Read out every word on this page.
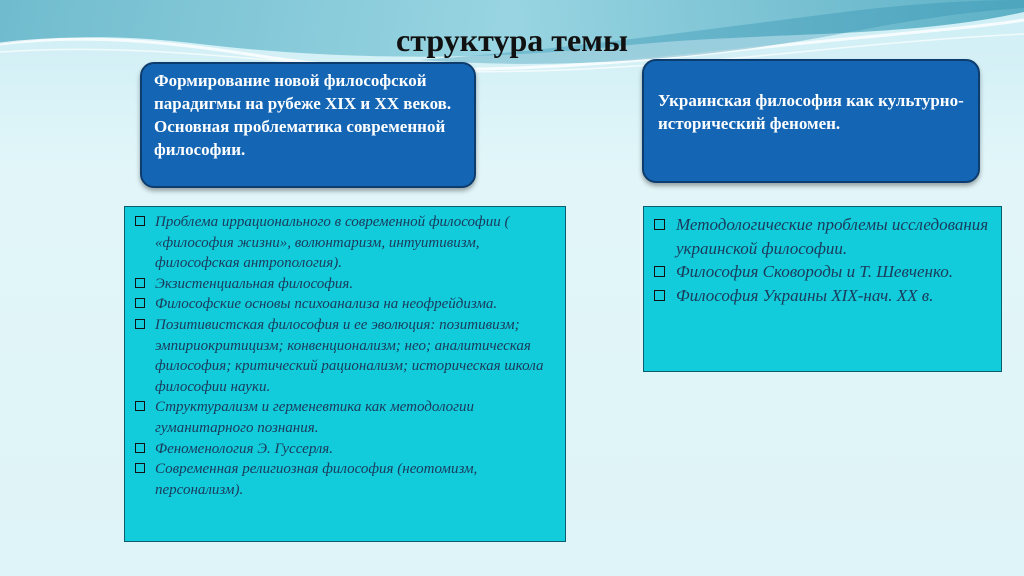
структура темы
Формирование новой философской парадигмы на рубеже XIX и XX веков. Основная проблематика современной философии.
Украинская философия как культурно-исторический феномен.
Проблема иррационального в современной философии ( «философия жизни», волюнтаризм, интуитивизм, философская антропология).
Экзистенциальная философия.
Философские основы психоанализа на неофрейдизма.
Позитивистская философия и ее эволюция: позитивизм; эмпириокритицизм; конвенционализм; нео; аналитическая философия; критический рационализм; историческая школа философии науки.
Структурализм и герменевтика как методологии гуманитарного познания.
Феноменология Э. Гуссерля.
Современная религиозная философия (неотомизм, персонализм).
Методологические проблемы исследования украинской философии.
Философия Сковороды и Т. Шевченко.
Философия Украины XIX-нач. XX в.
